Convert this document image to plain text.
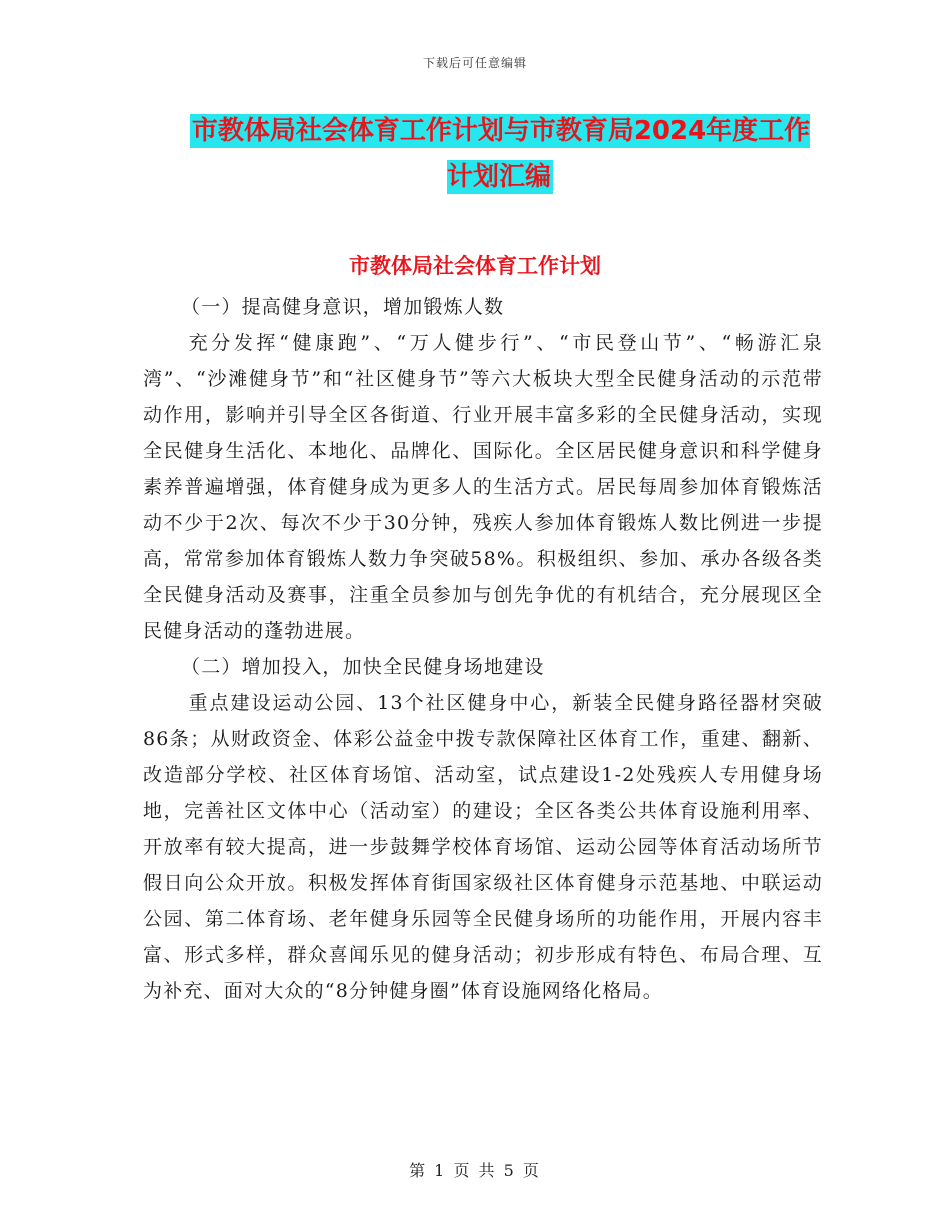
下载后可任意编辑
市教体局社会体育工作计划与市教育局2024年度工作计划汇编
市教体局社会体育工作计划

（一）提高健身意识，增加锻炼人数

充分发挥“健康跑”、“万人健步行”、“市民登山节”、“畅游汇泉湾”、“沙滩健身节”和“社区健身节”等六大板块大型全民健身活动的示范带动作用，影响并引导全区各街道、行业开展丰富多彩的全民健身活动，实现全民健身生活化、本地化、品牌化、国际化。全区居民健身意识和科学健身素养普遍增强，体育健身成为更多人的生活方式。居民每周参加体育锻炼活动不少于2次、每次不少于30分钟，残疾人参加体育锻炼人数比例进一步提高，常常参加体育锻炼人数力争突破58%。积极组织、参加、承办各级各类全民健身活动及赛事，注重全员参加与创先争优的有机结合，充分展现区全民健身活动的蓬勃进展。

（二）增加投入，加快全民健身场地建设

重点建设运动公园、13个社区健身中心，新装全民健身路径器材突破86条；从财政资金、体彩公益金中拨专款保障社区体育工作，重建、翻新、改造部分学校、社区体育场馆、活动室，试点建设1-2处残疾人专用健身场地，完善社区文体中心（活动室）的建设；全区各类公共体育设施利用率、开放率有较大提高，进一步鼓舞学校体育场馆、运动公园等体育活动场所节假日向公众开放。积极发挥体育街国家级社区体育健身示范基地、中联运动公园、第二体育场、老年健身乐园等全民健身场所的功能作用，开展内容丰富、形式多样，群众喜闻乐见的健身活动；初步形成有特色、布局合理、互为补充、面对大众的“8分钟健身圈”体育设施网络化格局。

第 1 页 共 5 页
